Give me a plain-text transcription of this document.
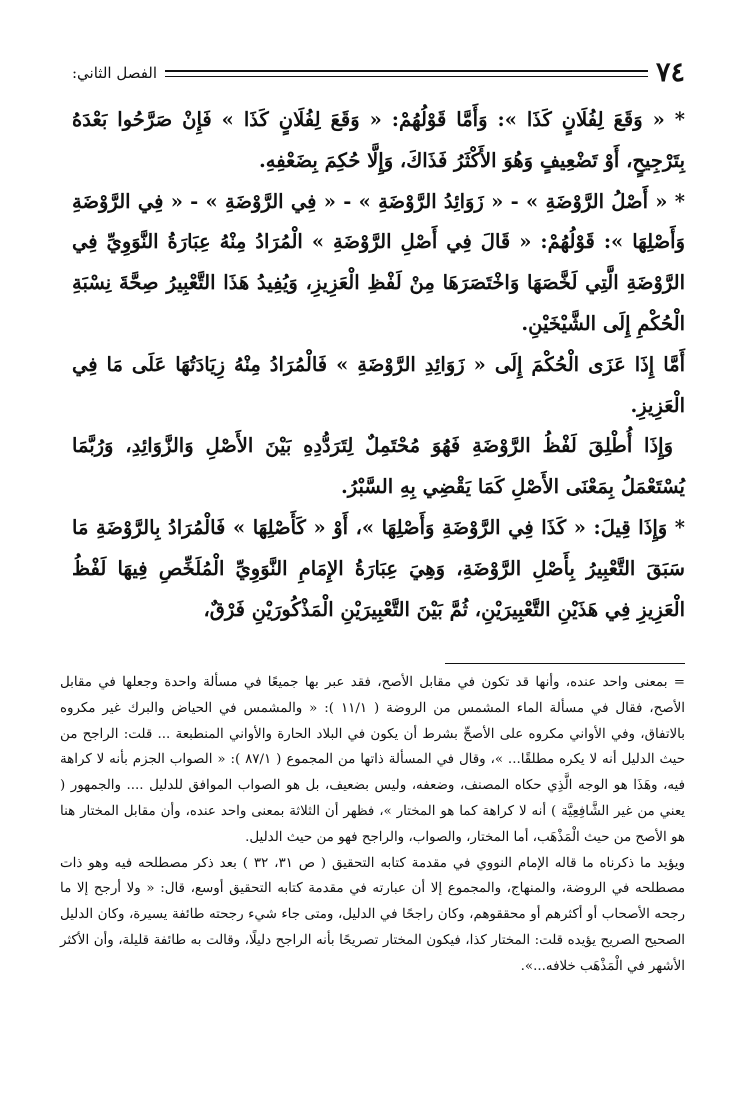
٧٤
الفصل الثاني:

* « وَقَعَ لِفُلَانٍ كَذَا »: وَأَمَّا قَوْلُهُمْ: « وَقَعَ لِفُلَانٍ كَذَا » فَإِنْ صَرَّحُوا بَعْدَهُ بِتَرْجِيحٍ، أَوْ تَضْعِيفٍ وَهُوَ الأَكْثَرُ فَذَاكَ، وَإِلَّا حُكِمَ بِضَعْفِهِ.

* « أَصْلُ الرَّوْضَةِ » - « زَوَائِدُ الرَّوْضَةِ » - « فِي الرَّوْضَةِ » - « فِي الرَّوْضَةِ وَأَصْلِهَا »: قَوْلُهُمْ: « قَالَ فِي أَصْلِ الرَّوْضَةِ » الْمُرَادُ مِنْهُ عِبَارَةُ النَّوَوِيِّ فِي الرَّوْضَةِ الَّتِي لَخَّصَهَا وَاخْتَصَرَهَا مِنْ لَفْظِ الْعَزِيزِ، وَيُفِيدُ هَذَا التَّعْبِيرُ صِحَّةَ نِسْبَةِ الْحُكْمِ إِلَى الشَّيْخَيْنِ.

أَمَّا إِذَا عَزَى الْحُكْمَ إِلَى « زَوَائِدِ الرَّوْضَةِ » فَالْمُرَادُ مِنْهُ زِيَادَتُهَا عَلَى مَا فِي الْعَزِيزِ.

وَإِذَا أُطْلِقَ لَفْظُ الرَّوْضَةِ فَهُوَ مُحْتَمِلٌ لِتَرَدُّدِهِ بَيْنَ الأَصْلِ وَالزَّوَائِدِ، وَرُبَّمَا يُسْتَعْمَلُ بِمَعْنَى الأَصْلِ كَمَا يَقْضِي بِهِ السَّبْرُ.

* وَإِذَا قِيلَ: « كَذَا فِي الرَّوْضَةِ وَأَصْلِهَا »، أَوْ « كَأَصْلِهَا » فَالْمُرَادُ بِالرَّوْضَةِ مَا سَبَقَ التَّعْبِيرُ بِأَصْلِ الرَّوْضَةِ، وَهِيَ عِبَارَةُ الإِمَامِ النَّوَوِيِّ الْمُلَخِّصِ فِيهَا لَفْظُ الْعَزِيزِ فِي هَذَيْنِ التَّعْبِيرَيْنِ، ثُمَّ بَيْنَ التَّعْبِيرَيْنِ الْمَذْكُورَيْنِ فَرْقٌ،

= بمعنى واحد عنده، وأنها قد تكون في مقابل الأصح، فقد عبر بها جميعًا في مسألة واحدة وجعلها في مقابل الأصح، فقال في مسألة الماء المشمس من الروضة ( ١١/١ ): « والمشمس في الحياض والبرك غير مكروه بالاتفاق، وفي الأواني مكروه على الأصحِّ بشرط أن يكون في البلاد الحارة والأواني المنطبعة ... قلت: الراجح من حيث الدليل أنه لا يكره مطلقًا... »، وقال في المسألة ذاتها من المجموع ( ٨٧/١ ): « الصواب الجزم بأنه لا كراهة فيه، وهَذَا هو الوجه الَّذِي حكاه المصنف، وضعفه، وليس بضعيف، بل هو الصواب الموافق للدليل .... والجمهور ( يعني من غير الشَّافِعِيَّة ) أنه لا كراهة كما هو المختار »، فظهر أن الثلاثة بمعنى واحد عنده، وأن مقابل المختار هنا هو الأصح من حيث الْمَذْهَب، أما المختار، والصواب، والراجح فهو من حيث الدليل.

ويؤيد ما ذكرناه ما قاله الإمام النووي في مقدمة كتابه التحقيق ( ص ٣١، ٣٢ ) بعد ذكر مصطلحه فيه وهو ذات مصطلحه في الروضة، والمنهاج، والمجموع إلا أن عبارته في مقدمة كتابه التحقيق أوسع، قال: « ولا أرجح إلا ما رجحه الأصحاب أو أكثرهم أو محققوهم، وكان راجحًا في الدليل، ومتى جاء شيء رجحته طائفة يسيرة، وكان الدليل الصحيح الصريح يؤيده قلت: المختار كذا، فيكون المختار تصريحًا بأنه الراجح دليلًا، وقالت به طائفة قليلة، وأن الأكثر الأشهر في الْمَذْهَب خلافه...».
